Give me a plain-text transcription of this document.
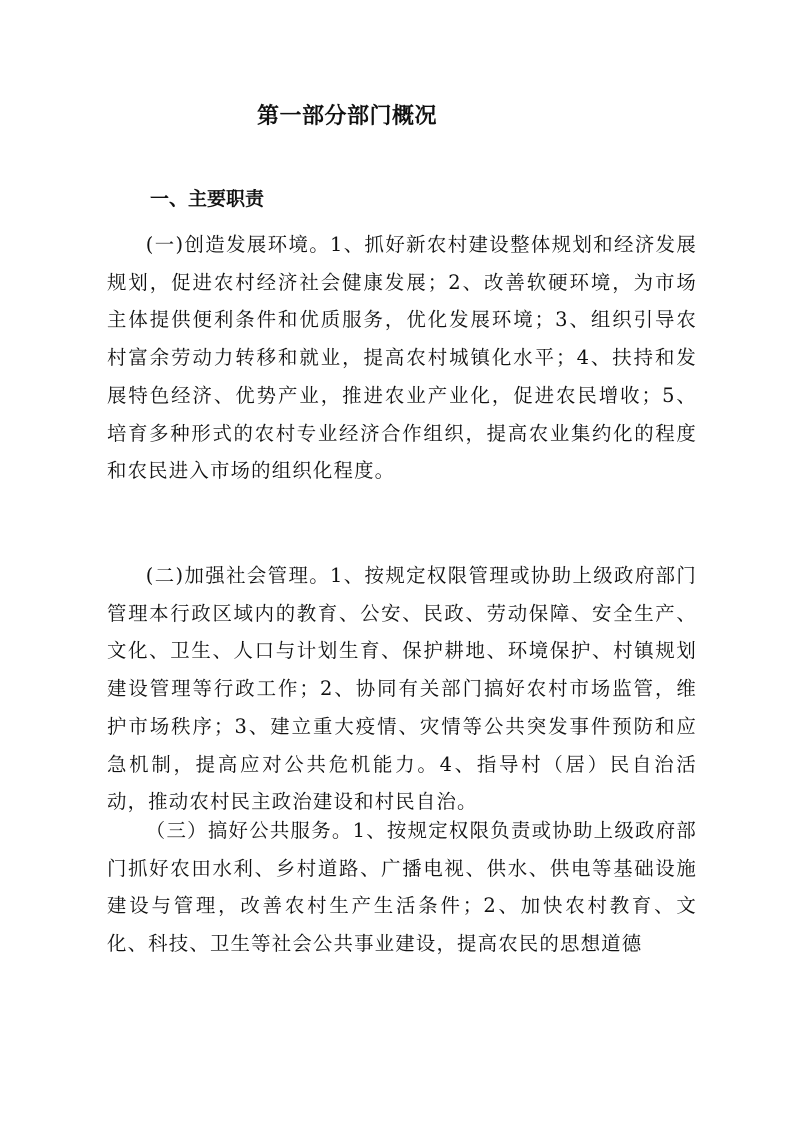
第一部分部门概况
一、主要职责

(一)创造发展环境。1、抓好新农村建设整体规划和经济发展规划，促进农村经济社会健康发展；2、改善软硬环境，为市场主体提供便利条件和优质服务，优化发展环境；3、组织引导农村富余劳动力转移和就业，提高农村城镇化水平；4、扶持和发展特色经济、优势产业，推进农业产业化，促进农民增收；5、培育多种形式的农村专业经济合作组织，提高农业集约化的程度和农民进入市场的组织化程度。

(二)加强社会管理。1、按规定权限管理或协助上级政府部门管理本行政区域内的教育、公安、民政、劳动保障、安全生产、文化、卫生、人口与计划生育、保护耕地、环境保护、村镇规划建设管理等行政工作；2、协同有关部门搞好农村市场监管，维护市场秩序；3、建立重大疫情、灾情等公共突发事件预防和应急机制，提高应对公共危机能力。4、指导村（居）民自治活动，推动农村民主政治建设和村民自治。

（三）搞好公共服务。1、按规定权限负责或协助上级政府部门抓好农田水利、乡村道路、广播电视、供水、供电等基础设施建设与管理，改善农村生产生活条件；2、加快农村教育、文化、科技、卫生等社会公共事业建设，提高农民的思想道德
